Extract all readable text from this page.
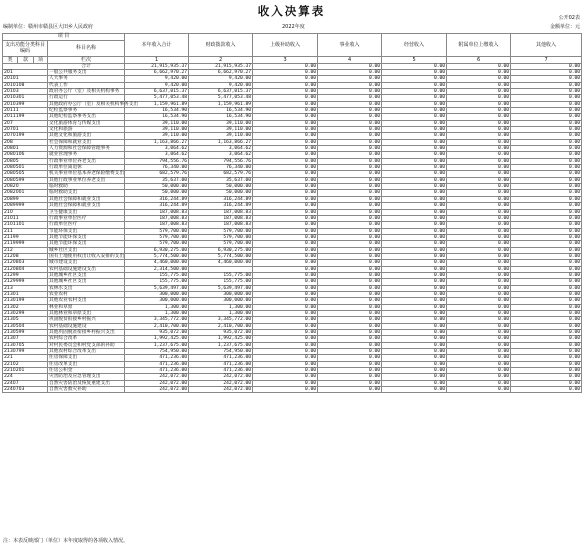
收入决算表	公开02表
编制单位：赣州市赣县区大田乡人民政府	2022年度	金额单位：元
项 目				本年收入合计	财政拨款收入	上级补助收入	事业收入	经营收入	附属单位上缴收入	其他收入
支出功能分类科目编码			科目名称							
类	款	项	栏次	1	2	3	4	5	6	7
			合计	21,915,935.37	21,915,935.37	0.00	0.00	0.00	0.00	0.00
201			一般公共服务支出	6,662,970.27	6,662,970.27	0.00	0.00	0.00	0.00	0.00
20101			人大事务	9,420.00	9,420.00	0.00	0.00	0.00	0.00	0.00
2010108			代表工作	9,420.00	9,420.00	0.00	0.00	0.00	0.00	0.00
20103			政府办公厅（室）及相关机构事务	6,637,015.37	6,637,015.37	0.00	0.00	0.00	0.00	0.00
2010301			行政运行	5,477,053.48	5,477,053.48	0.00	0.00	0.00	0.00	0.00
2010399			其他政府办公厅（室）及相关机构事务支出	1,159,961.89	1,159,961.89	0.00	0.00	0.00	0.00	0.00
20111			纪检监察事务	16,534.90	16,534.90	0.00	0.00	0.00	0.00	0.00
2011199			其他纪检监察事务支出	16,534.90	16,534.90	0.00	0.00	0.00	0.00	0.00
207			文化旅游体育与传媒支出	39,110.00	39,110.00	0.00	0.00	0.00	0.00	0.00
20701			文化和旅游	39,110.00	39,110.00	0.00	0.00	0.00	0.00	0.00
2070199			其他文化和旅游支出	39,110.00	39,110.00	0.00	0.00	0.00	0.00	0.00
208			社会保障和就业支出	1,163,866.27	1,163,866.27	0.00	0.00	0.00	0.00	0.00
20801			人力资源和社会保障管理事务	3,064.62	3,064.62	0.00	0.00	0.00	0.00	0.00
2080106			就业管理事务	3,064.62	3,064.62	0.00	0.00	0.00	0.00	0.00
20805			行政事业单位养老支出	794,556.76	794,556.76	0.00	0.00	0.00	0.00	0.00
2080501			行政单位离退休	76,340.00	76,340.00	0.00	0.00	0.00	0.00	0.00
2080505			机关事业单位基本养老保险缴费支出	682,579.76	682,579.76	0.00	0.00	0.00	0.00	0.00
2080599			其他行政事业单位养老支出	35,637.00	35,637.00	0.00	0.00	0.00	0.00	0.00
20820			临时救助	50,000.00	50,000.00	0.00	0.00	0.00	0.00	0.00
2082001			临时救助支出	50,000.00	50,000.00	0.00	0.00	0.00	0.00	0.00
20899			其他社会保障和就业支出	316,244.89	316,244.89	0.00	0.00	0.00	0.00	0.00
2089999			其他社会保障和就业支出	316,244.89	316,244.89	0.00	0.00	0.00	0.00	0.00
210			卫生健康支出	187,008.83	187,008.83	0.00	0.00	0.00	0.00	0.00
21011			行政事业单位医疗	187,008.83	187,008.83	0.00	0.00	0.00	0.00	0.00
2101101			行政单位医疗	187,008.83	187,008.83	0.00	0.00	0.00	0.00	0.00
211			节能环保支出	579,700.00	579,700.00	0.00	0.00	0.00	0.00	0.00
21199			其他节能环保支出	579,700.00	579,700.00	0.00	0.00	0.00	0.00	0.00
2119999			其他节能环保支出	579,700.00	579,700.00	0.00	0.00	0.00	0.00	0.00
212			城乡社区支出	6,930,275.00	6,930,275.00	0.00	0.00	0.00	0.00	0.00
21208			国有土地使用权出让收入安排的支出	5,774,500.00	5,774,500.00	0.00	0.00	0.00	0.00	0.00
2120803			城市建设支出	4,460,000.00	4,460,000.00	0.00	0.00	0.00	0.00	0.00
2120804			农村基础设施建设支出	2,314,500.00		0.00	0.00	0.00	0.00	0.00
21299			其他城乡社区支出	155,775.00	155,775.00	0.00	0.00	0.00	0.00	0.00
2129999			其他城乡社区支出	155,775.00	155,775.00	0.00	0.00	0.00	0.00	0.00
213			农林水支出	5,639,497.00	5,639,497.00	0.00	0.00	0.00	0.00	0.00
21301			农业农村	300,000.00	300,000.00	0.00	0.00	0.00	0.00	0.00
2130199			其他农业农村支出	300,000.00	300,000.00	0.00	0.00	0.00	0.00	0.00
21302			林业和草原	1,300.00	1,300.00	0.00	0.00	0.00	0.00	0.00
2130299			其他林业和草原支出	1,300.00	1,300.00	0.00	0.00	0.00	0.00	0.00
21305			巩固脱贫衔接乡村振兴	3,345,772.00	3,345,772.00	0.00	0.00	0.00	0.00	0.00
2130504			农村基础设施建设	2,410,700.00	2,410,700.00	0.00	0.00	0.00	0.00	0.00
2130599			其他巩固脱贫衔接乡村振兴支出	935,072.00	935,072.00	0.00	0.00	0.00	0.00	0.00
21307			农村综合改革	1,992,425.00	1,992,425.00	0.00	0.00	0.00	0.00	0.00
2130705			对村民委员会和村党支部的补助	1,237,675.00	1,237,675.00	0.00	0.00	0.00	0.00	0.00
2130799			其他农村综合改革支出	754,950.00	754,950.00	0.00	0.00	0.00	0.00	0.00
221			住房保障支出	471,236.00	471,236.00	0.00	0.00	0.00	0.00	0.00
22102			住房改革支出	471,236.00	471,236.00	0.00	0.00	0.00	0.00	0.00
2210201			住房公积金	471,236.00	471,236.00	0.00	0.00	0.00	0.00	0.00
224			灾害防治及应急管理支出	242,072.00	242,072.00	0.00	0.00	0.00	0.00	0.00
22407			自然灾害防治及恢复重建支出	242,072.00	242,072.00	0.00	0.00	0.00	0.00	0.00
2240703			自然灾害救灾补助	242,072.00	242,072.00	0.00	0.00	0.00	0.00	0.00
注：本表反映部门（单位）本年度取得的各项收入情况。
